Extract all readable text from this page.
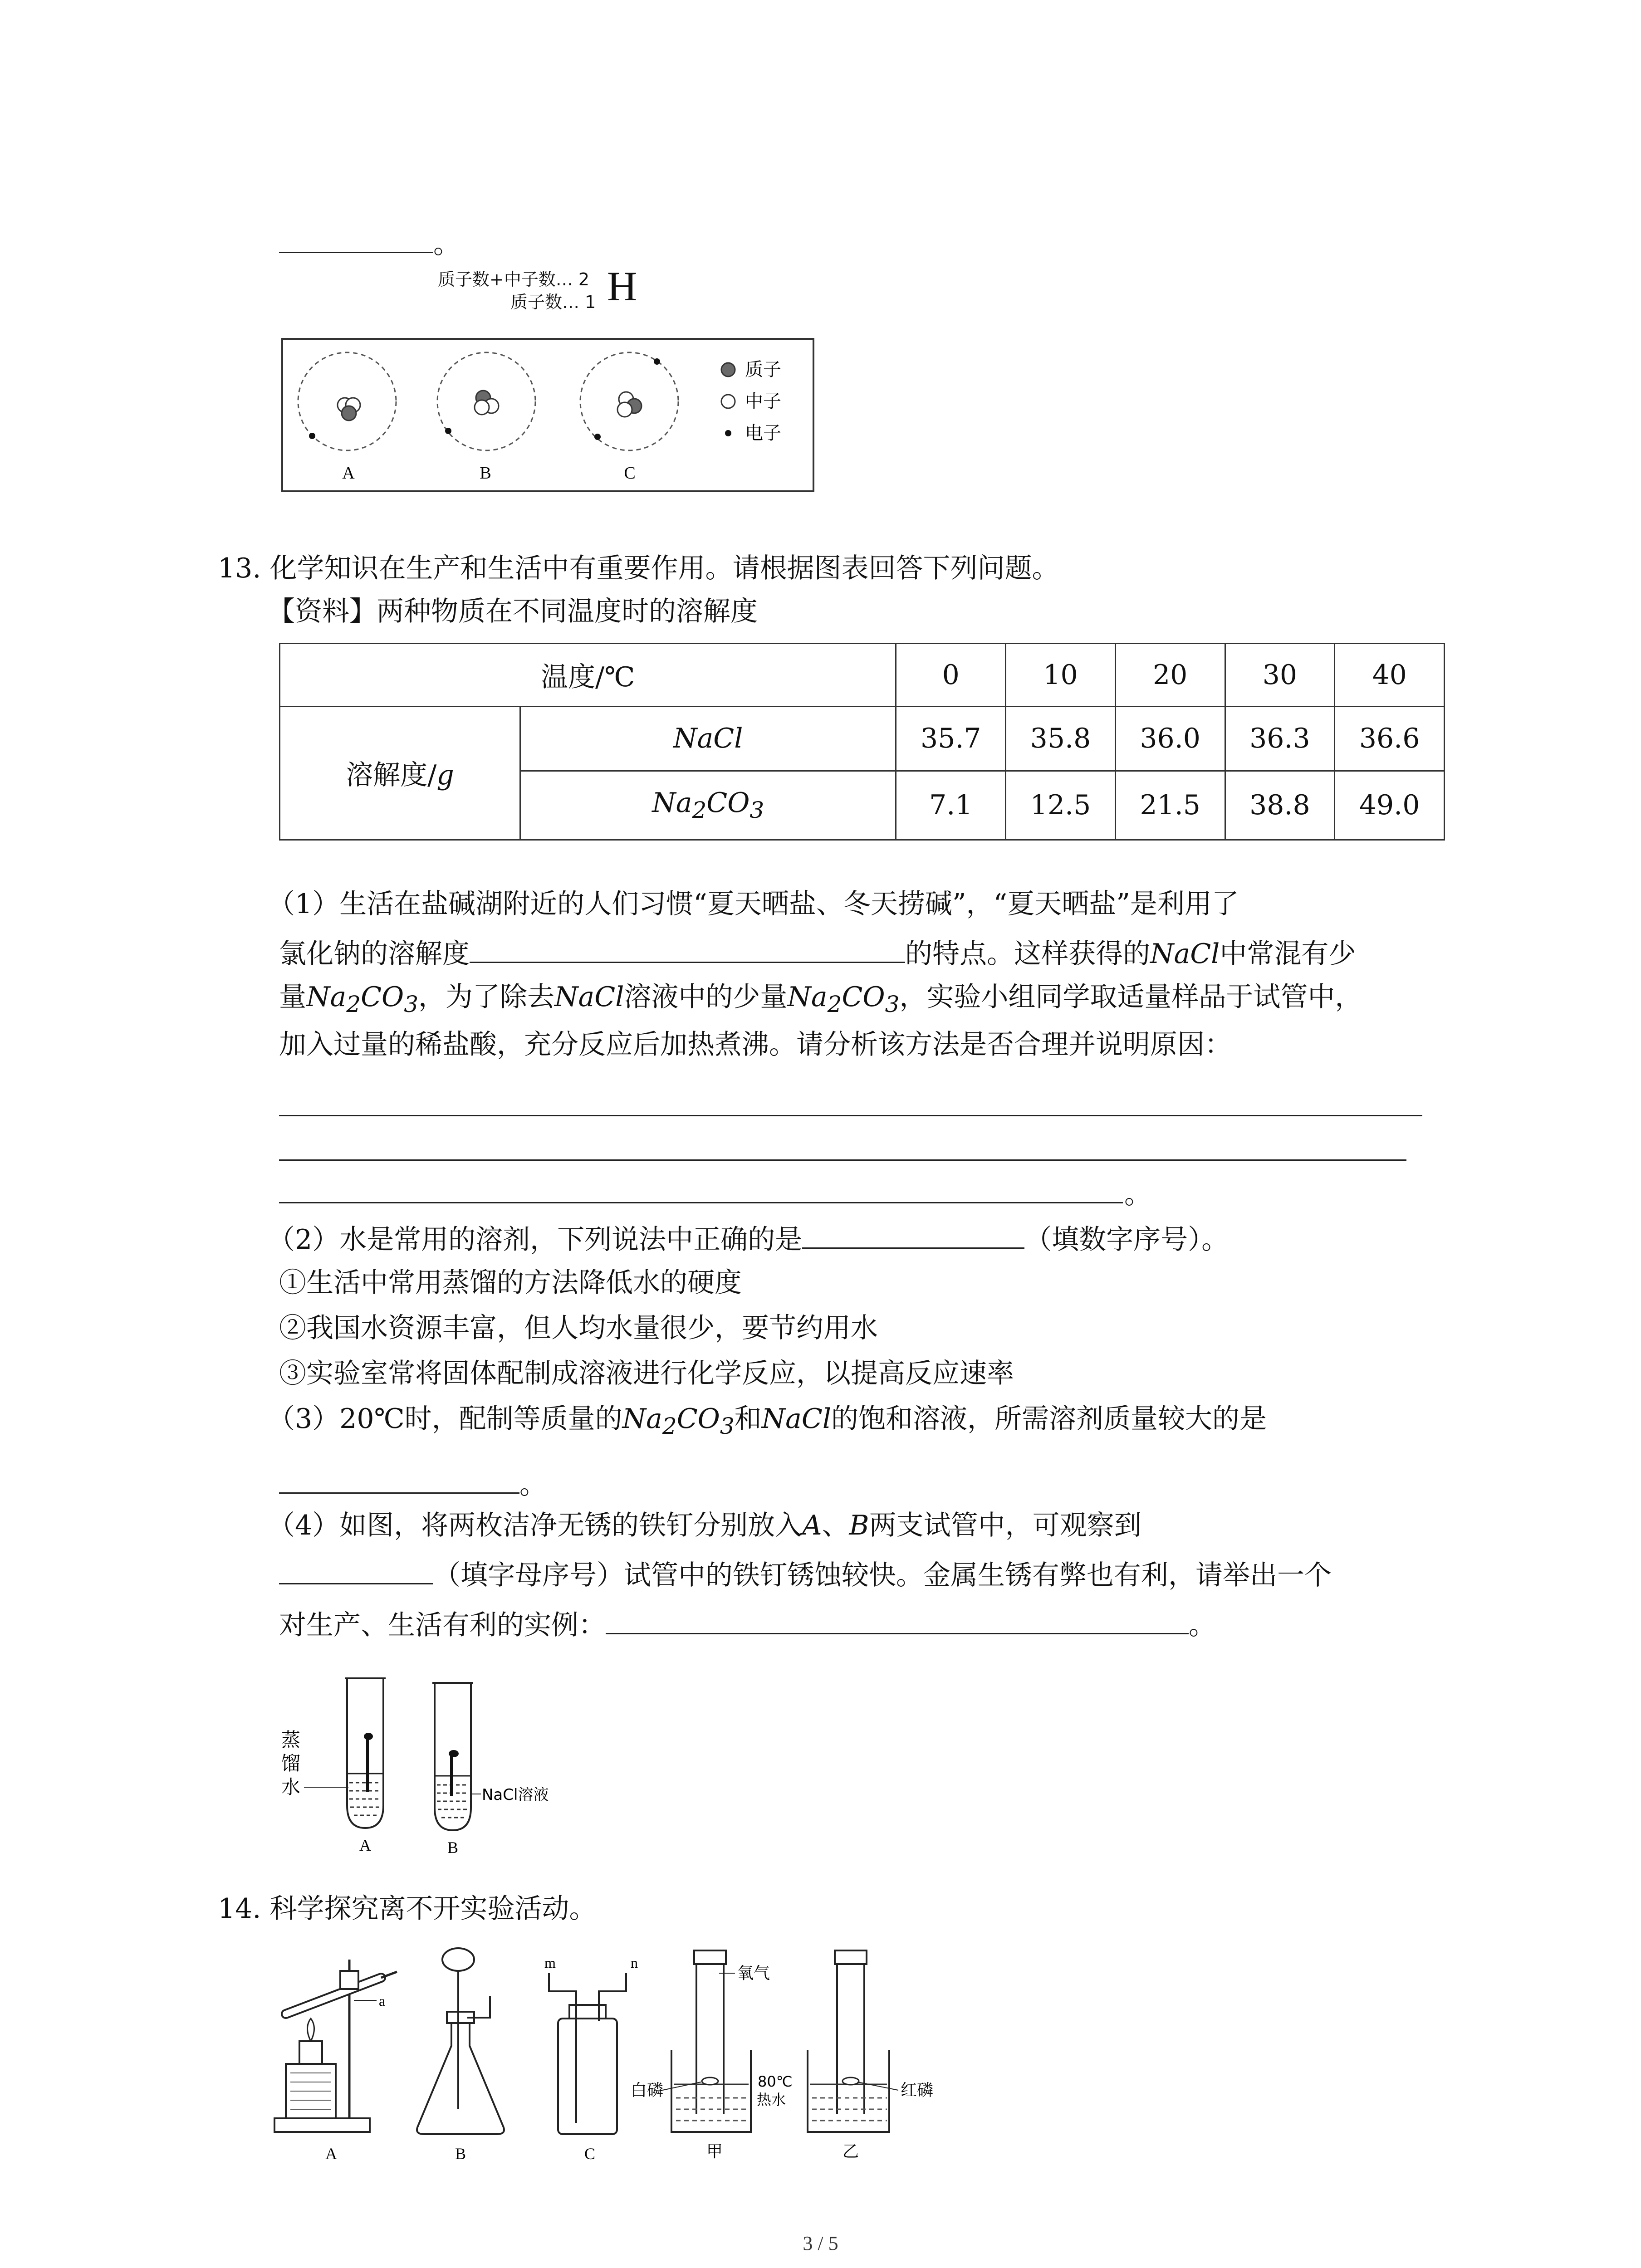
。
质子数+中子数… 2
质子数… 1 H
A	B	C
质子
中子
电子
13. 化学知识在生产和生活中有重要作用。请根据图表回答下列问题。
【资料】两种物质在不同温度时的溶解度
温度/℃		0	10	20	30	40
溶解度/g	NaCl	35.7	35.8	36.0	36.3	36.6
	$Na_2CO_3$	7.1	12.5	21.5	38.8	49.0
（1）生活在盐碱湖附近的人们习惯“夏天晒盐、冬天捞碱”，“夏天晒盐”是利用了
氯化钠的溶解度	的特点。这样获得的NaCl中常混有少
量$Na_2CO_3$，为了除去NaCl溶液中的少量$Na_2CO_3$，实验小组同学取适量样品于试管中，
加入过量的稀盐酸，充分反应后加热煮沸。请分析该方法是否合理并说明原因：
。
（2）水是常用的溶剂，下列说法中正确的是	（填数字序号）。
①生活中常用蒸馏的方法降低水的硬度
②我国水资源丰富，但人均水量很少，要节约用水
③实验室常将固体配制成溶液进行化学反应，以提高反应速率
（3）20℃时，配制等质量的$Na_2CO_3$和NaCl的饱和溶液，所需溶剂质量较大的是
。
（4）如图，将两枚洁净无锈的铁钉分别放入A、B两支试管中，可观察到
（填字母序号）试管中的铁钉锈蚀较快。金属生锈有弊也有利，请举出一个
对生产、生活有利的实例：	。
蒸
馏
水
A
NaCl溶液
B
14. 科学探究离不开实验活动。
a
A	B
m	n
C
氧气
白磷	80℃
热水
甲
红磷
乙
3 / 5
